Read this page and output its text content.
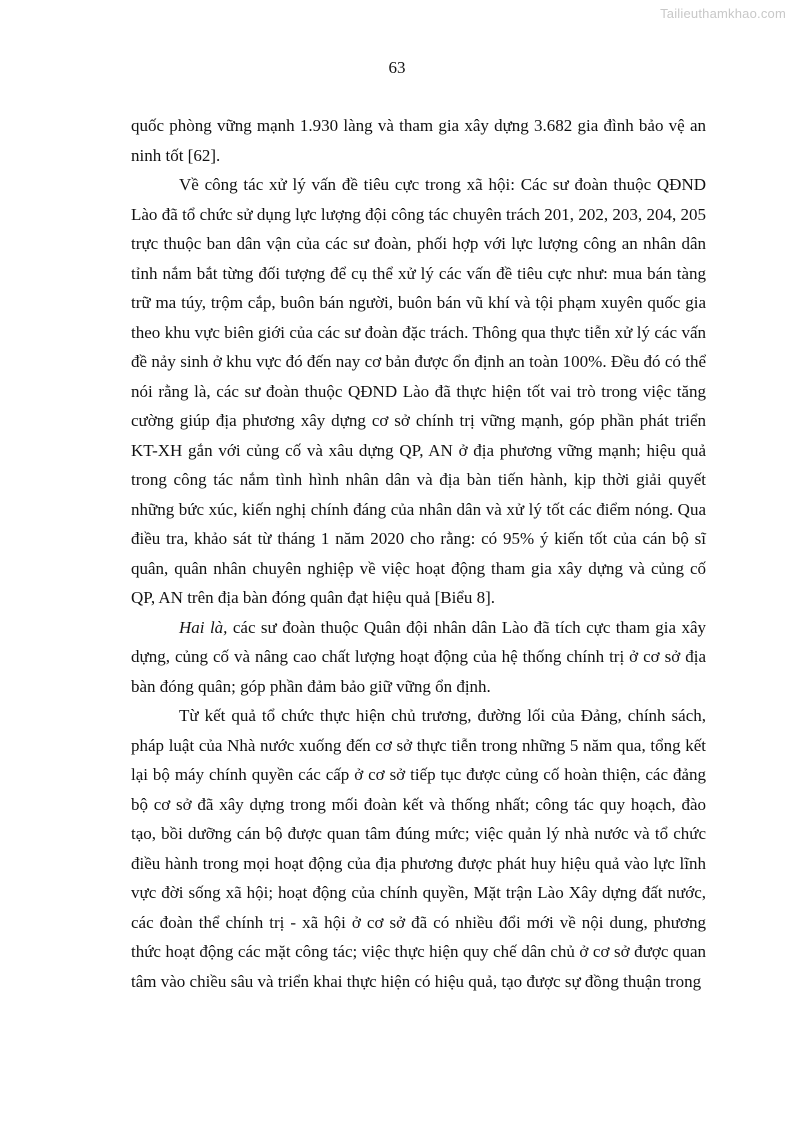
Tailieuthamkhao.com
63

quốc phòng vững mạnh 1.930 làng và tham gia xây dựng 3.682 gia đình bảo vệ an ninh tốt [62].

Về công tác xử lý vấn đề tiêu cực trong xã hội: Các sư đoàn thuộc QĐND Lào đã tổ chức sử dụng lực lượng đội công tác chuyên trách 201, 202, 203, 204, 205 trực thuộc ban dân vận của các sư đoàn, phối hợp với lực lượng công an nhân dân tỉnh nắm bắt từng đối tượng để cụ thể xử lý các vấn đề tiêu cực như: mua bán tàng trữ ma túy, trộm cắp, buôn bán người, buôn bán vũ khí và tội phạm xuyên quốc gia theo khu vực biên giới của các sư đoàn đặc trách. Thông qua thực tiễn xử lý các vấn đề nảy sinh ở khu vực đó đến nay cơ bản được ổn định an toàn 100%. Đều đó có thể nói rằng là, các sư đoàn thuộc QĐND Lào đã thực hiện tốt vai trò trong việc tăng cường giúp địa phương xây dựng cơ sở chính trị vững mạnh, góp phần phát triển KT-XH gắn với củng cố và xâu dựng QP, AN ở địa phương vững mạnh; hiệu quả trong công tác nắm tình hình nhân dân và địa bàn tiến hành, kịp thời giải quyết những bức xúc, kiến nghị chính đáng của nhân dân và xử lý tốt các điểm nóng. Qua điều tra, khảo sát từ tháng 1 năm 2020 cho rằng: có 95% ý kiến tốt của cán bộ sĩ quân, quân nhân chuyên nghiệp về việc hoạt động tham gia xây dựng và củng cố QP, AN trên địa bàn đóng quân đạt hiệu quả [Biểu 8].

Hai là, các sư đoàn thuộc Quân đội nhân dân Lào đã tích cực tham gia xây dựng, củng cố và nâng cao chất lượng hoạt động của hệ thống chính trị ở cơ sở địa bàn đóng quân; góp phần đảm bảo giữ vững ổn định.

Từ kết quả tổ chức thực hiện chủ trương, đường lối của Đảng, chính sách, pháp luật của Nhà nước xuống đến cơ sở thực tiễn trong những 5 năm qua, tổng kết lại bộ máy chính quyền các cấp ở cơ sở tiếp tục được củng cố hoàn thiện, các đảng bộ cơ sở đã xây dựng trong mối đoàn kết và thống nhất; công tác quy hoạch, đào tạo, bồi dưỡng cán bộ được quan tâm đúng mức; việc quản lý nhà nước và tổ chức điều hành trong mọi hoạt động của địa phương được phát huy hiệu quả vào lực lĩnh vực đời sống xã hội; hoạt động của chính quyền, Mặt trận Lào Xây dựng đất nước, các đoàn thể chính trị - xã hội ở cơ sở đã có nhiều đổi mới về nội dung, phương thức hoạt động các mặt công tác; việc thực hiện quy chế dân chủ ở cơ sở được quan tâm vào chiều sâu và triển khai thực hiện có hiệu quả, tạo được sự đồng thuận trong
